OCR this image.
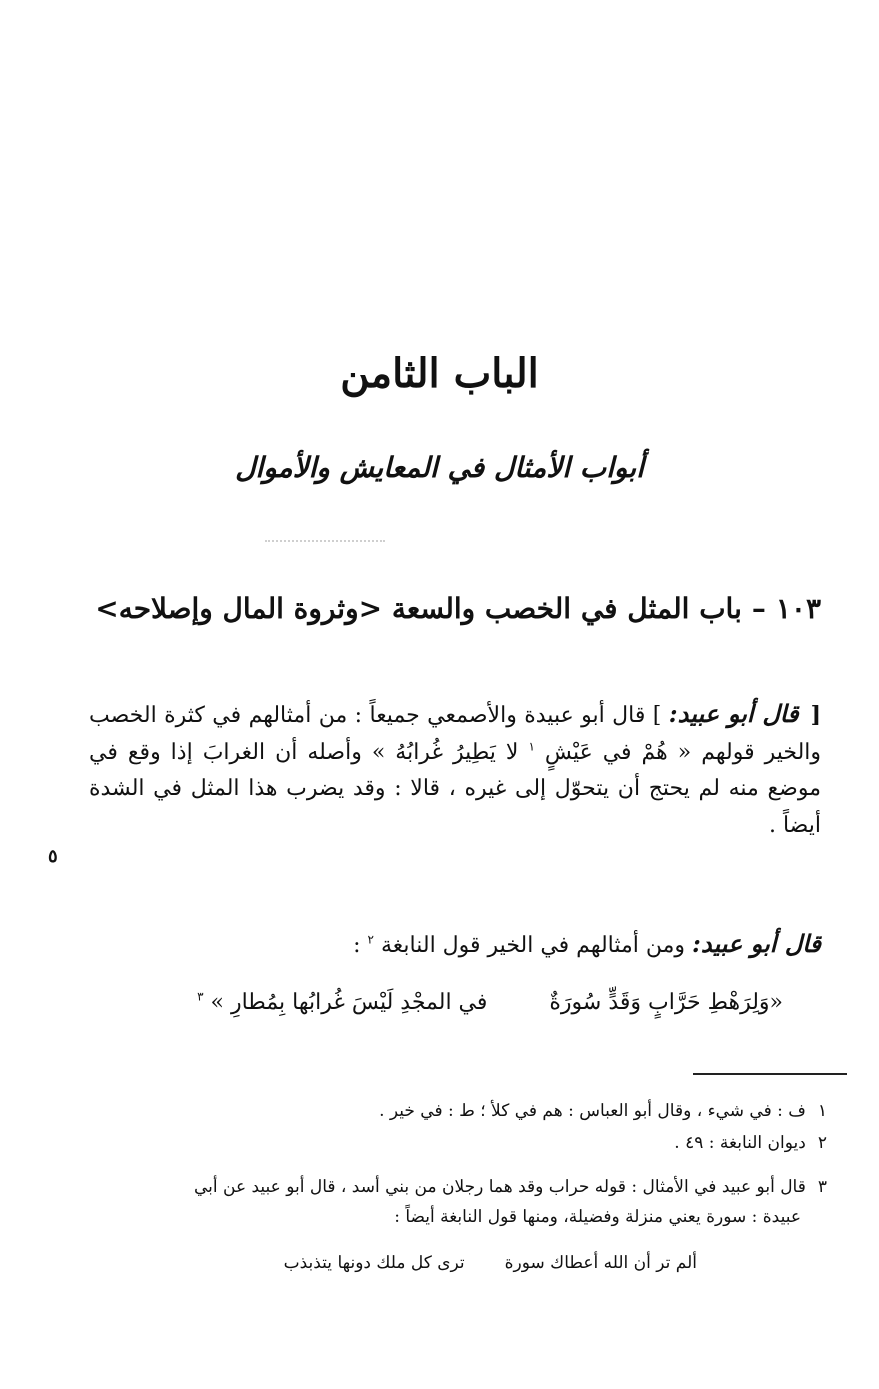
الباب الثامن
أبواب الأمثال في المعايش والأموال
١٠٣–باب المثل في الخصب والسعة <وثروة المال وإصلاحه>
[قال أبو عبيد: ] قال أبو عبيدة والأصمعي جميعاً : من أمثالهم في كثرة الخصب والخير قولهم « هُمْ في عَيْشٍ $^١$ لا يَطِيرُ غُرابُهُ » وأصله أن الغرابَ إذا وقع في موضع منه لم يحتج أن يتحوّل إلى غيره ، قالا : وقد يضرب هذا المثل في الشدة أيضاً .
٥
قال أبو عبيد: ومن أمثالهم في الخير قول النابغة $^٢$ :
«وَلِرَهْطِ حَرَّابٍ وَقَدٍّ سُورَةٌفي المجْدِ لَيْسَ غُرابُها بِمُطارِ » $^٣$
١ف : في شيء ، وقال أبو العباس : هم في كلأ ؛ ط : في خير .
٢ديوان النابغة : ٤٩ .
٣قال أبو عبيد في الأمثال : قوله حراب وقد هما رجلان من بني أسد ، قال أبو عبيد عن أبي
عبيدة : سورة يعني منزلة وفضيلة، ومنها قول النابغة أيضاً :
ألم تر أن الله أعطاك سورةترى كل ملك دونها يتذبذب
